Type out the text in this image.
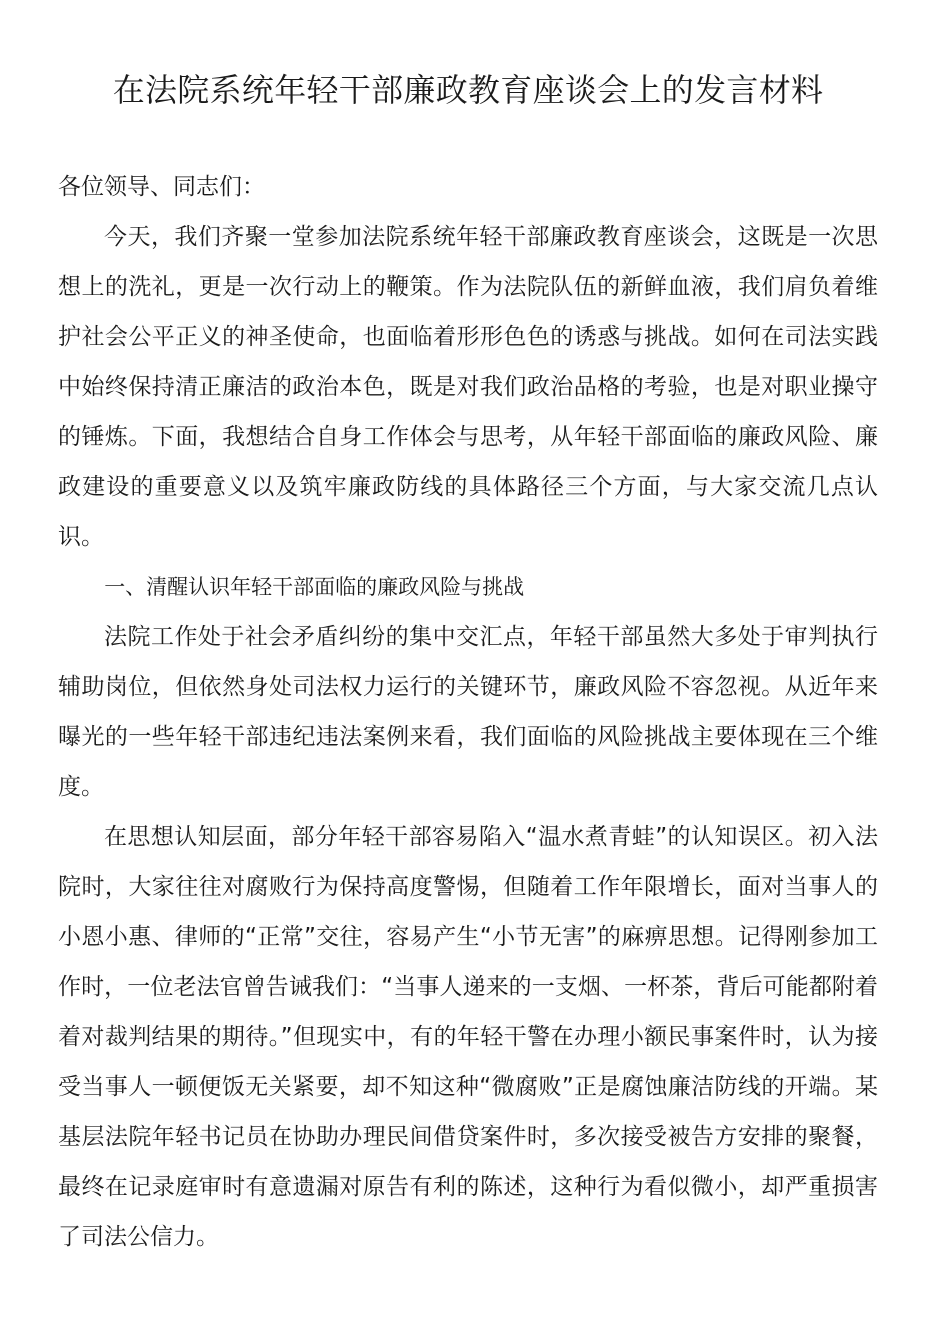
在法院系统年轻干部廉政教育座谈会上的发言材料

各位领导、同志们：

今天，我们齐聚一堂参加法院系统年轻干部廉政教育座谈会，这既是一次思想上的洗礼，更是一次行动上的鞭策。作为法院队伍的新鲜血液，我们肩负着维护社会公平正义的神圣使命，也面临着形形色色的诱惑与挑战。如何在司法实践中始终保持清正廉洁的政治本色，既是对我们政治品格的考验，也是对职业操守的锤炼。下面，我想结合自身工作体会与思考，从年轻干部面临的廉政风险、廉政建设的重要意义以及筑牢廉政防线的具体路径三个方面，与大家交流几点认识。

一、清醒认识年轻干部面临的廉政风险与挑战

法院工作处于社会矛盾纠纷的集中交汇点，年轻干部虽然大多处于审判执行辅助岗位，但依然身处司法权力运行的关键环节，廉政风险不容忽视。从近年来曝光的一些年轻干部违纪违法案例来看，我们面临的风险挑战主要体现在三个维度。

在思想认知层面，部分年轻干部容易陷入“温水煮青蛙”的认知误区。初入法院时，大家往往对腐败行为保持高度警惕，但随着工作年限增长，面对当事人的小恩小惠、律师的“正常”交往，容易产生“小节无害”的麻痹思想。记得刚参加工作时，一位老法官曾告诫我们：“当事人递来的一支烟、一杯茶，背后可能都附着着对裁判结果的期待。”但现实中，有的年轻干警在办理小额民事案件时，认为接受当事人一顿便饭无关紧要，却不知这种“微腐败”正是腐蚀廉洁防线的开端。某基层法院年轻书记员在协助办理民间借贷案件时，多次接受被告方安排的聚餐，最终在记录庭审时有意遗漏对原告有利的陈述，这种行为看似微小，却严重损害了司法公信力。
